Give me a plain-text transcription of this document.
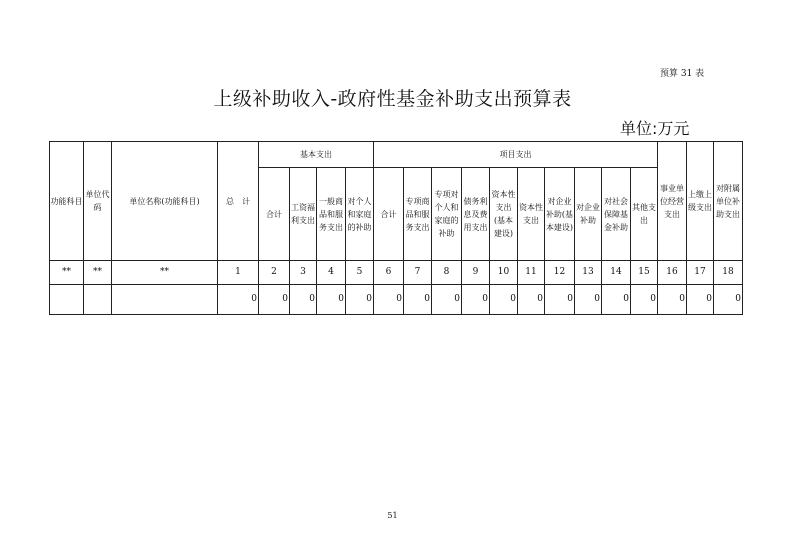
预算 31 表
上级补助收入-政府性基金补助支出预算表
单位:万元
功能科目	单位代码	单位名称(功能科目)	总　计	基本支出				项目支出										事业单位经营支出	上缴上级支出	对附属单位补助支出
				合计	工资福利支出	一般商品和服务支出	对个人和家庭的补助	合计	专项商品和服务支出	专项对个人和家庭的补助	债务利息及费用支出	资本性支出(基本建设)	资本性支出	对企业补助(基本建设)	对企业补助	对社会保障基金补助	其他支出			
**	**	**	1	2	3	4	5	6	7	8	9	10	11	12	13	14	15	16	17	18
			0	0	0	0	0	0	0	0	0	0	0	0	0	0	0	0	0	0
51
